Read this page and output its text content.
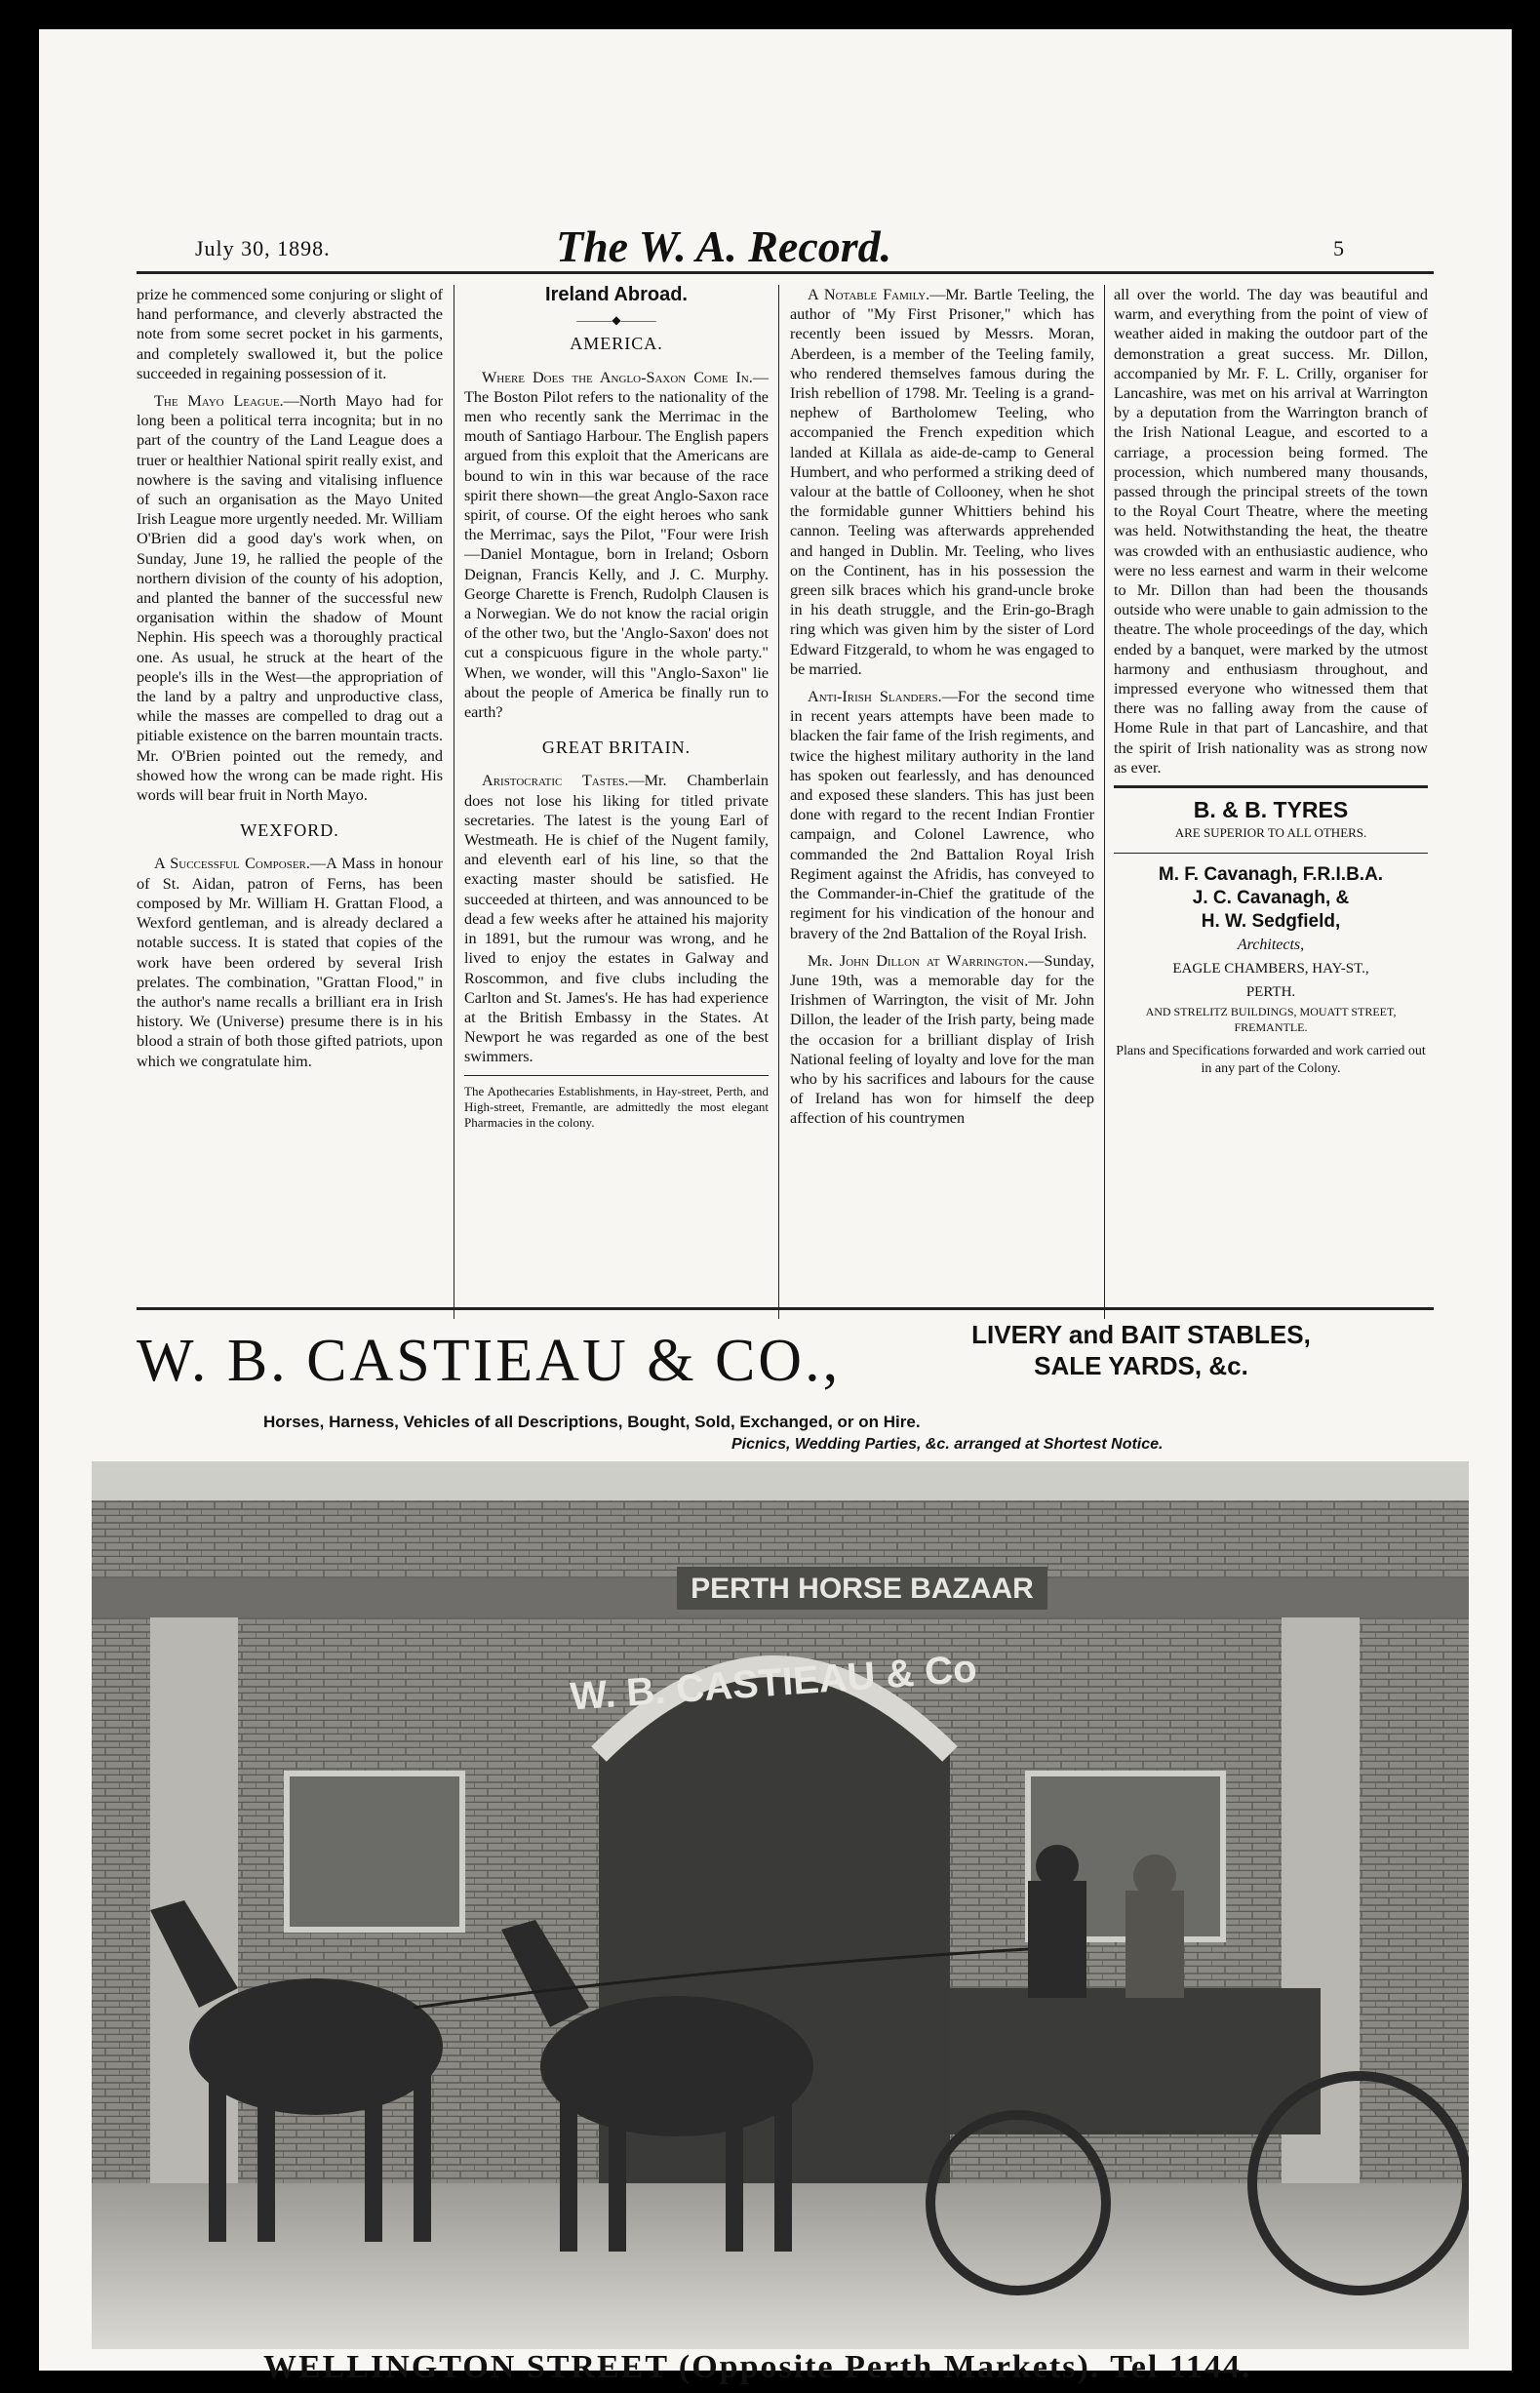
July 30, 1898.	The W. A. Record.	5

prize he commenced some conjuring or slight of hand performance, and cleverly abstracted the note from some secret pocket in his garments, and completely swallowed it, but the police succeeded in regaining possession of it.

The Mayo League.—North Mayo had for long been a political terra incognita; but in no part of the country of the Land League does a truer or healthier National spirit really exist, and nowhere is the saving and vitalising influence of such an organisation as the Mayo United Irish League more urgently needed. Mr. William O'Brien did a good day's work when, on Sunday, June 19, he rallied the people of the northern division of the county of his adoption, and planted the banner of the successful new organisation within the shadow of Mount Nephin. His speech was a thoroughly practical one. As usual, he struck at the heart of the people's ills in the West—the appropriation of the land by a paltry and unproductive class, while the masses are compelled to drag out a pitiable existence on the barren mountain tracts. Mr. O'Brien pointed out the remedy, and showed how the wrong can be made right. His words will bear fruit in North Mayo.

WEXFORD.

A Successful Composer.—A Mass in honour of St. Aidan, patron of Ferns, has been composed by Mr. William H. Grattan Flood, a Wexford gentleman, and is already declared a notable success. It is stated that copies of the work have been ordered by several Irish prelates. The combination, "Grattan Flood," in the author's name recalls a brilliant era in Irish history. We (Universe) presume there is in his blood a strain of both those gifted patriots, upon which we congratulate him.

Ireland Abroad.
———◆———
AMERICA.

Where Does the Anglo-Saxon Come In.—The Boston Pilot refers to the nationality of the men who recently sank the Merrimac in the mouth of Santiago Harbour. The English papers argued from this exploit that the Americans are bound to win in this war because of the race spirit there shown—the great Anglo-Saxon race spirit, of course. Of the eight heroes who sank the Merrimac, says the Pilot, "Four were Irish—Daniel Montague, born in Ireland; Osborn Deignan, Francis Kelly, and J. C. Murphy. George Charette is French, Rudolph Clausen is a Norwegian. We do not know the racial origin of the other two, but the 'Anglo-Saxon' does not cut a conspicuous figure in the whole party." When, we wonder, will this "Anglo-Saxon" lie about the people of America be finally run to earth?

GREAT BRITAIN.

Aristocratic Tastes.—Mr. Chamberlain does not lose his liking for titled private secretaries. The latest is the young Earl of Westmeath. He is chief of the Nugent family, and eleventh earl of his line, so that the exacting master should be satisfied. He succeeded at thirteen, and was announced to be dead a few weeks after he attained his majority in 1891, but the rumour was wrong, and he lived to enjoy the estates in Galway and Roscommon, and five clubs including the Carlton and St. James's. He has had experience at the British Embassy in the States. At Newport he was regarded as one of the best swimmers.

The Apothecaries Establishments, in Hay-street, Perth, and High-street, Fremantle, are admittedly the most elegant Pharmacies in the colony.

A Notable Family.—Mr. Bartle Teeling, the author of "My First Prisoner," which has recently been issued by Messrs. Moran, Aberdeen, is a member of the Teeling family, who rendered themselves famous during the Irish rebellion of 1798. Mr. Teeling is a grand-nephew of Bartholomew Teeling, who accompanied the French expedition which landed at Killala as aide-de-camp to General Humbert, and who performed a striking deed of valour at the battle of Collooney, when he shot the formidable gunner Whittiers behind his cannon. Teeling was afterwards apprehended and hanged in Dublin. Mr. Teeling, who lives on the Continent, has in his possession the green silk braces which his grand-uncle broke in his death struggle, and the Erin-go-Bragh ring which was given him by the sister of Lord Edward Fitzgerald, to whom he was engaged to be married.

Anti-Irish Slanders.—For the second time in recent years attempts have been made to blacken the fair fame of the Irish regiments, and twice the highest military authority in the land has spoken out fearlessly, and has denounced and exposed these slanders. This has just been done with regard to the recent Indian Frontier campaign, and Colonel Lawrence, who commanded the 2nd Battalion Royal Irish Regiment against the Afridis, has conveyed to the Commander-in-Chief the gratitude of the regiment for his vindication of the honour and bravery of the 2nd Battalion of the Royal Irish.

Mr. John Dillon at Warrington.—Sunday, June 19th, was a memorable day for the Irishmen of Warrington, the visit of Mr. John Dillon, the leader of the Irish party, being made the occasion for a brilliant display of Irish National feeling of loyalty and love for the man who by his sacrifices and labours for the cause of Ireland has won for himself the deep affection of his countrymen

all over the world. The day was beautiful and warm, and everything from the point of view of weather aided in making the outdoor part of the demonstration a great success. Mr. Dillon, accompanied by Mr. F. L. Crilly, organiser for Lancashire, was met on his arrival at Warrington by a deputation from the Warrington branch of the Irish National League, and escorted to a carriage, a procession being formed. The procession, which numbered many thousands, passed through the principal streets of the town to the Royal Court Theatre, where the meeting was held. Notwithstanding the heat, the theatre was crowded with an enthusiastic audience, who were no less earnest and warm in their welcome to Mr. Dillon than had been the thousands outside who were unable to gain admission to the theatre. The whole proceedings of the day, which ended by a banquet, were marked by the utmost harmony and enthusiasm throughout, and impressed everyone who witnessed them that there was no falling away from the cause of Home Rule in that part of Lancashire, and that the spirit of Irish nationality was as strong now as ever.

B. & B. TYRES
ARE SUPERIOR TO ALL OTHERS.
M. F. Cavanagh, F.R.I.B.A.
J. C. Cavanagh, &
H. W. Sedgfield,
Architects,
EAGLE CHAMBERS, HAY-ST.,
PERTH.
AND STRELITZ BUILDINGS, MOUATT STREET, FREMANTLE.
Plans and Specifications forwarded and work carried out in any part of the Colony.
W. B. CASTIEAU & CO.,	LIVERY and BAIT STABLES,
SALE YARDS, &c.
Horses, Harness, Vehicles of all Descriptions, Bought, Sold, Exchanged, or on Hire.
Picnics, Wedding Parties, &c. arranged at Shortest Notice.
PERTH HORSE BAZAAR
W. B. CASTIEAU & Co
WELLINGTON STREET (Opposite Perth Markets). Tel 1144.
